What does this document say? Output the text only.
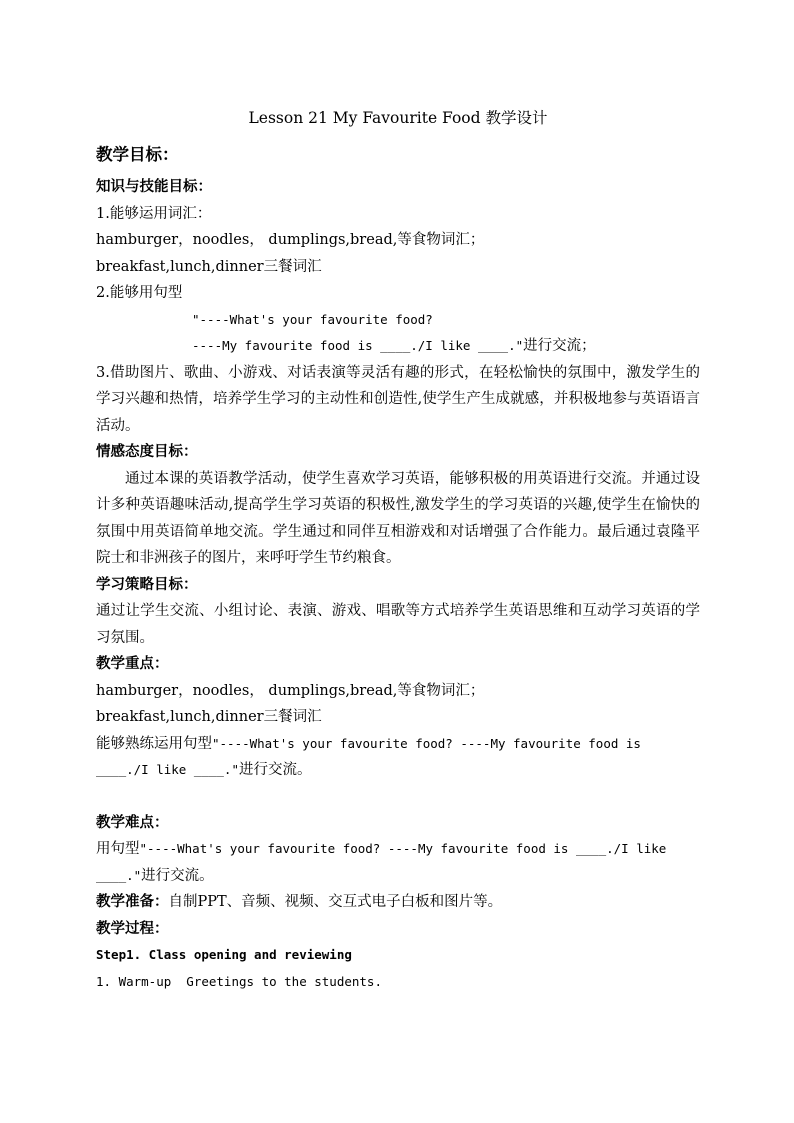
Lesson 21 My Favourite Food 教学设计
教学目标：
知识与技能目标：
1.能够运用词汇：
hamburger，noodles， dumplings,bread,等食物词汇；
breakfast,lunch,dinner三餐词汇
2.能够用句型
"----What's your favourite food?
----My favourite food is ____./I like ____."进行交流；
3.借助图片、歌曲、小游戏、对话表演等灵活有趣的形式，在轻松愉快的氛围中，激发学生的学习兴趣和热情，培养学生学习的主动性和创造性,使学生产生成就感，并积极地参与英语语言活动。
情感态度目标：
通过本课的英语教学活动，使学生喜欢学习英语，能够积极的用英语进行交流。并通过设计多种英语趣味活动,提高学生学习英语的积极性,激发学生的学习英语的兴趣,使学生在愉快的氛围中用英语简单地交流。学生通过和同伴互相游戏和对话增强了合作能力。最后通过袁隆平院士和非洲孩子的图片，来呼吁学生节约粮食。
学习策略目标：
通过让学生交流、小组讨论、表演、游戏、唱歌等方式培养学生英语思维和互动学习英语的学习氛围。
教学重点：
hamburger，noodles， dumplings,bread,等食物词汇；
breakfast,lunch,dinner三餐词汇
能够熟练运用句型"----What's your favourite food? ----My favourite food is
____./I like ____."进行交流。
教学难点：
用句型"----What's your favourite food? ----My favourite food is ____./I like
____."进行交流。
教学准备：自制PPT、音频、视频、交互式电子白板和图片等。
教学过程：
Step1. Class opening and reviewing
1. Warm-up  Greetings to the students.
